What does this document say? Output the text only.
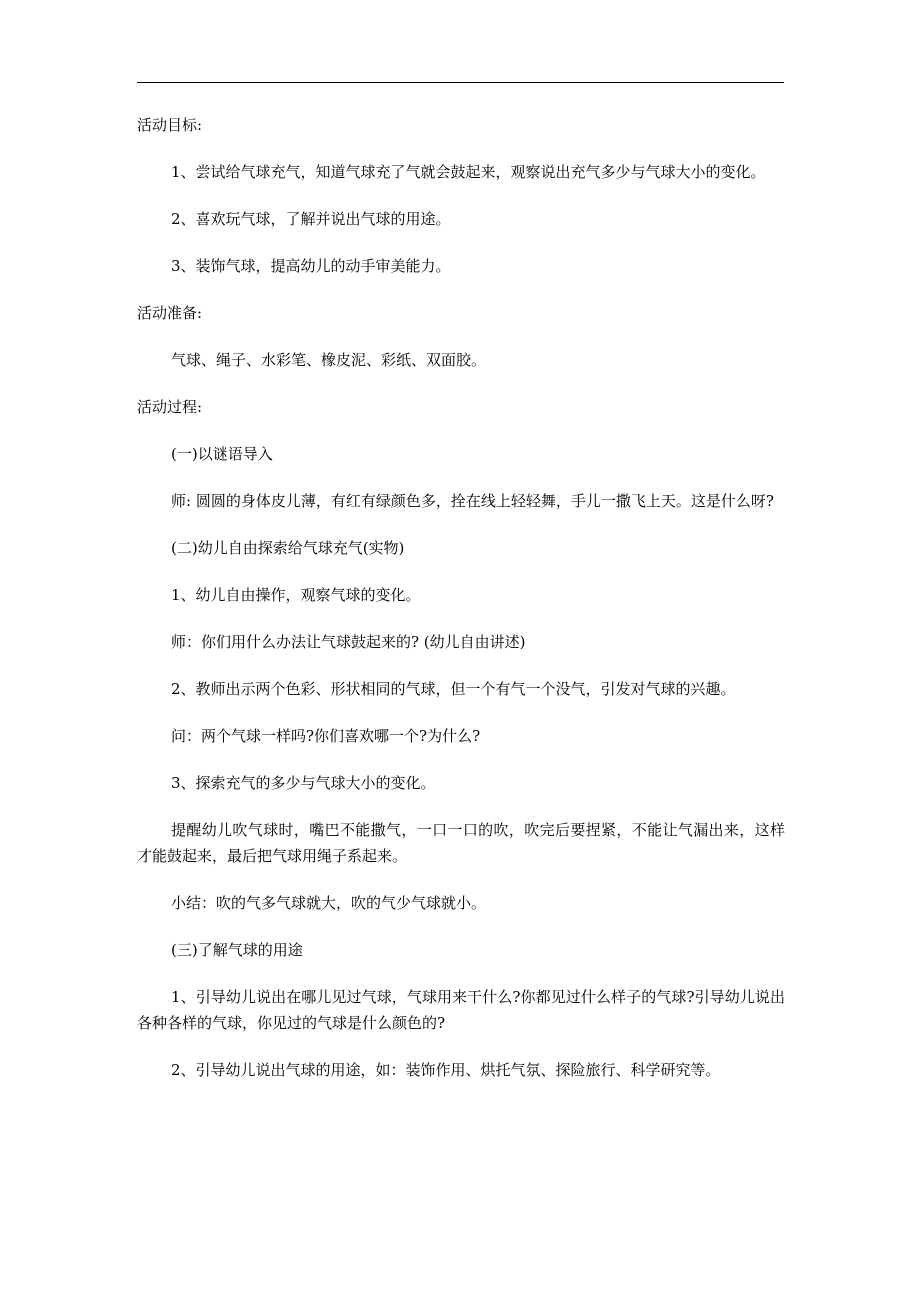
活动目标:

1、尝试给气球充气，知道气球充了气就会鼓起来，观察说出充气多少与气球大小的变化。

2、喜欢玩气球，了解并说出气球的用途。

3、装饰气球，提高幼儿的动手审美能力。

活动准备:

气球、绳子、水彩笔、橡皮泥、彩纸、双面胶。

活动过程:

(一)以谜语导入

师: 圆圆的身体皮儿薄，有红有绿颜色多，拴在线上轻轻舞，手儿一撒飞上天。这是什么呀?

(二)幼儿自由探索给气球充气(实物)

1、幼儿自由操作，观察气球的变化。

师：你们用什么办法让气球鼓起来的? (幼儿自由讲述)

2、教师出示两个色彩、形状相同的气球，但一个有气一个没气，引发对气球的兴趣。

问：两个气球一样吗?你们喜欢哪一个?为什么?

3、探索充气的多少与气球大小的变化。

提醒幼儿吹气球时，嘴巴不能撒气，一口一口的吹，吹完后要捏紧，不能让气漏出来，这样才能鼓起来，最后把气球用绳子系起来。

小结：吹的气多气球就大，吹的气少气球就小。

(三)了解气球的用途

1、引导幼儿说出在哪儿见过气球，气球用来干什么?你都见过什么样子的气球?引导幼儿说出各种各样的气球，你见过的气球是什么颜色的?

2、引导幼儿说出气球的用途，如：装饰作用、烘托气氛、探险旅行、科学研究等。
